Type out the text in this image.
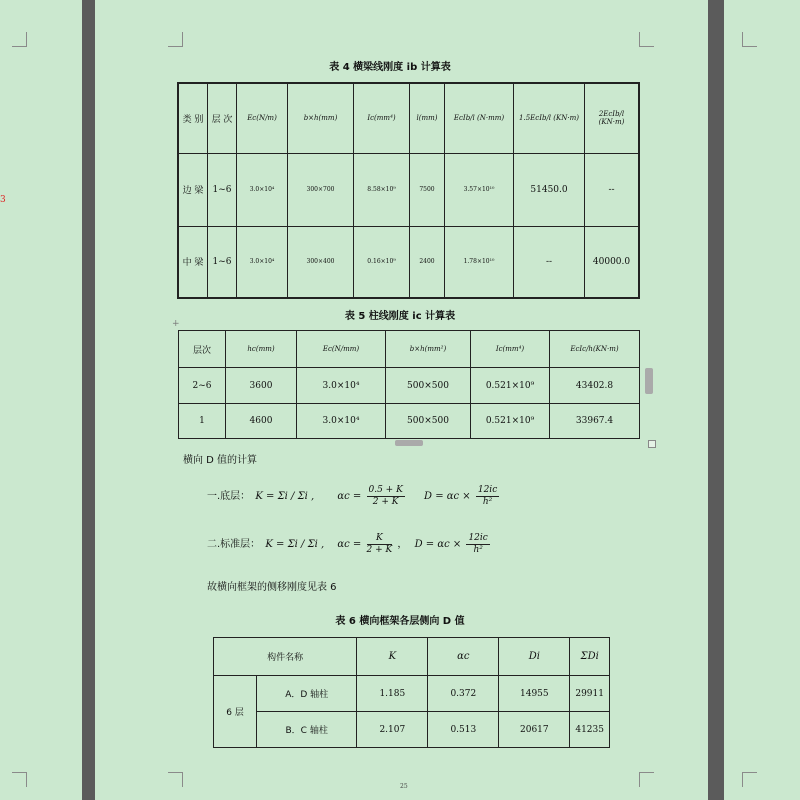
3
表 4 横梁线刚度 ib 计算表
类 别	层 次	Ec(N/m)	b×h(mm)	Ic(mm⁴)	l(mm)	EcIb/l (N·mm)	1.5EcIb/l (KN·m)	2EcIb/l (KN·m)
边 梁	1~6	3.0×10⁴	300×700	8.58×10⁹	7500	3.57×10¹⁰	51450.0	--
中 梁	1~6	3.0×10⁴	300×400	0.16×10⁹	2400	1.78×10¹⁰	--	40000.0
表 5 柱线刚度 ic 计算表
+
层次	hc(mm)	Ec(N/mm)	b×h(mm²)	Ic(mm⁴)	EcIc/h(KN·m)
2~6	3600	3.0×10⁴	500×500	0.521×10⁹	43402.8
1	4600	3.0×10⁴	500×500	0.521×10⁹	33967.4
横向 D 值的计算
一.底层： K = Σi / Σi , $\alpha c = \frac{0.5 + K}{2 + K}$ $D = \alpha c \times \frac{12ic}{\text{h²}}$
二.标准层： K = Σi / Σi , $\alpha c = \frac{K}{2 + K}$ ， $D = \alpha c \times \frac{12ic}{\text{h²}}$
故横向框架的侧移刚度见表 6
表 6 横向框架各层侧向 D 值
构件名称		K	αc	Di	ΣDi
6 层	A．D 轴柱	1.185	0.372	14955	29911
	B．C 轴柱	2.107	0.513	20617	41235
25
